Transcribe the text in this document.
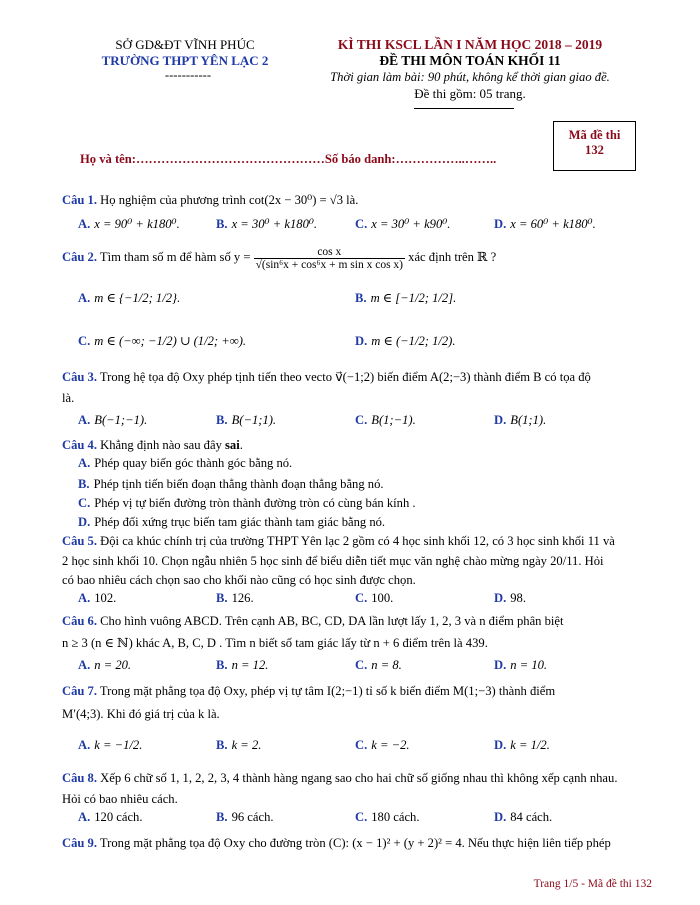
SỞ GD&ĐT VĨNH PHÚC
TRƯỜNG THPT YÊN LẠC 2
-----------
KÌ THI KSCL LẦN I NĂM HỌC 2018 – 2019
ĐỀ THI MÔN TOÁN KHỐI 11
Thời gian làm bài: 90 phút, không kể thời gian giao đề.
Đề thi gồm: 05 trang.
Mã đề thi
132
Họ và tên:………………………………………Số báo danh:……………..……..
Câu 1. Họ nghiệm của phương trình cot(2x − 30⁰) = √3 là.
A. x = 90⁰ + k180⁰.	B. x = 30⁰ + k180⁰.	C. x = 30⁰ + k90⁰.	D. x = 60⁰ + k180⁰.
Câu 2. Tìm tham số m để hàm số $y = \frac{\text{cos x}}{\text{√(sin⁶x + cos⁶x + m sin x cos x)}}$ xác định trên ℝ ?
A. m ∈ {−1/2; 1/2}.	B. m ∈ [−1/2; 1/2].
C. m ∈ (−∞; −1/2) ∪ (1/2; +∞).	D. m ∈ (−1/2; 1/2).
Câu 3. Trong hệ tọa độ Oxy phép tịnh tiến theo vecto v⃗(−1;2) biến điểm A(2;−3) thành điểm B có tọa độ
là.
A. B(−1;−1).	B. B(−1;1).	C. B(1;−1).	D. B(1;1).
Câu 4. Khẳng định nào sau đây sai.
A. Phép quay biến góc thành góc bằng nó.
B. Phép tịnh tiến biến đoạn thẳng thành đoạn thẳng bằng nó.
C. Phép vị tự biến đường tròn thành đường tròn có cùng bán kính .
D. Phép đối xứng trục biến tam giác thành tam giác bằng nó.
Câu 5. Đội ca khúc chính trị của trường THPT Yên lạc 2 gồm có 4 học sinh khối 12, có 3 học sinh khối 11 và
2 học sinh khối 10. Chọn ngẫu nhiên 5 học sinh để biểu diễn tiết mục văn nghệ chào mừng ngày 20/11. Hỏi
có bao nhiêu cách chọn sao cho khối nào cũng có học sinh được chọn.
A. 102.	B. 126.	C. 100.	D. 98.
Câu 6. Cho hình vuông ABCD. Trên cạnh AB, BC, CD, DA lần lượt lấy 1, 2, 3 và n điểm phân biệt
n ≥ 3 (n ∈ ℕ) khác A, B, C, D . Tìm n biết số tam giác lấy từ n + 6 điểm trên là 439.
A. n = 20.	B. n = 12.	C. n = 8.	D. n = 10.
Câu 7. Trong mặt phẳng tọa độ Oxy, phép vị tự tâm I(2;−1) tỉ số k biến điểm M(1;−3) thành điểm
M′(4;3). Khi đó giá trị của k là.
A. k = −1/2.	B. k = 2.	C. k = −2.	D. k = 1/2.
Câu 8. Xếp 6 chữ số 1, 1, 2, 2, 3, 4 thành hàng ngang sao cho hai chữ số giống nhau thì không xếp cạnh nhau.
Hỏi có bao nhiêu cách.
A. 120 cách.	B. 96 cách.	C. 180 cách.	D. 84 cách.
Câu 9. Trong mặt phẳng tọa độ Oxy cho đường tròn (C): (x − 1)² + (y + 2)² = 4. Nếu thực hiện liên tiếp phép
Trang 1/5 - Mã đề thi 132
